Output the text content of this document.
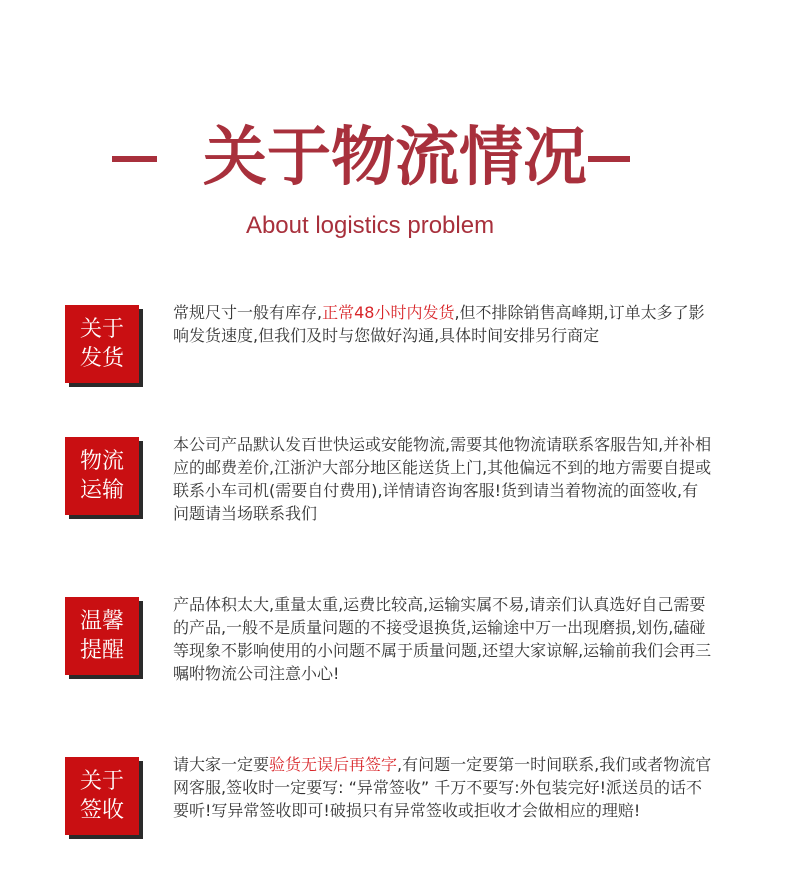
关于物流情况
About logistics problem
关于
发货
常规尺寸一般有库存,正常48小时内发货,但不排除销售高峰期,订单太多了影响发货速度,但我们及时与您做好沟通,具体时间安排另行商定
物流
运输
本公司产品默认发百世快运或安能物流,需要其他物流请联系客服告知,并补相应的邮费差价,江浙沪大部分地区能送货上门,其他偏远不到的地方需要自提或联系小车司机(需要自付费用),详情请咨询客服!货到请当着物流的面签收,有问题请当场联系我们
温馨
提醒
产品体积太大,重量太重,运费比较高,运输实属不易,请亲们认真选好自己需要的产品,一般不是质量问题的不接受退换货,运输途中万一出现磨损,划伤,磕碰等现象不影响使用的小问题不属于质量问题,还望大家谅解,运输前我们会再三嘱咐物流公司注意小心!
关于
签收
请大家一定要验货无误后再签字,有问题一定要第一时间联系,我们或者物流官网客服,签收时一定要写: “异常签收” 千万不要写:外包装完好!派送员的话不要听!写异常签收即可!破损只有异常签收或拒收才会做相应的理赔!
